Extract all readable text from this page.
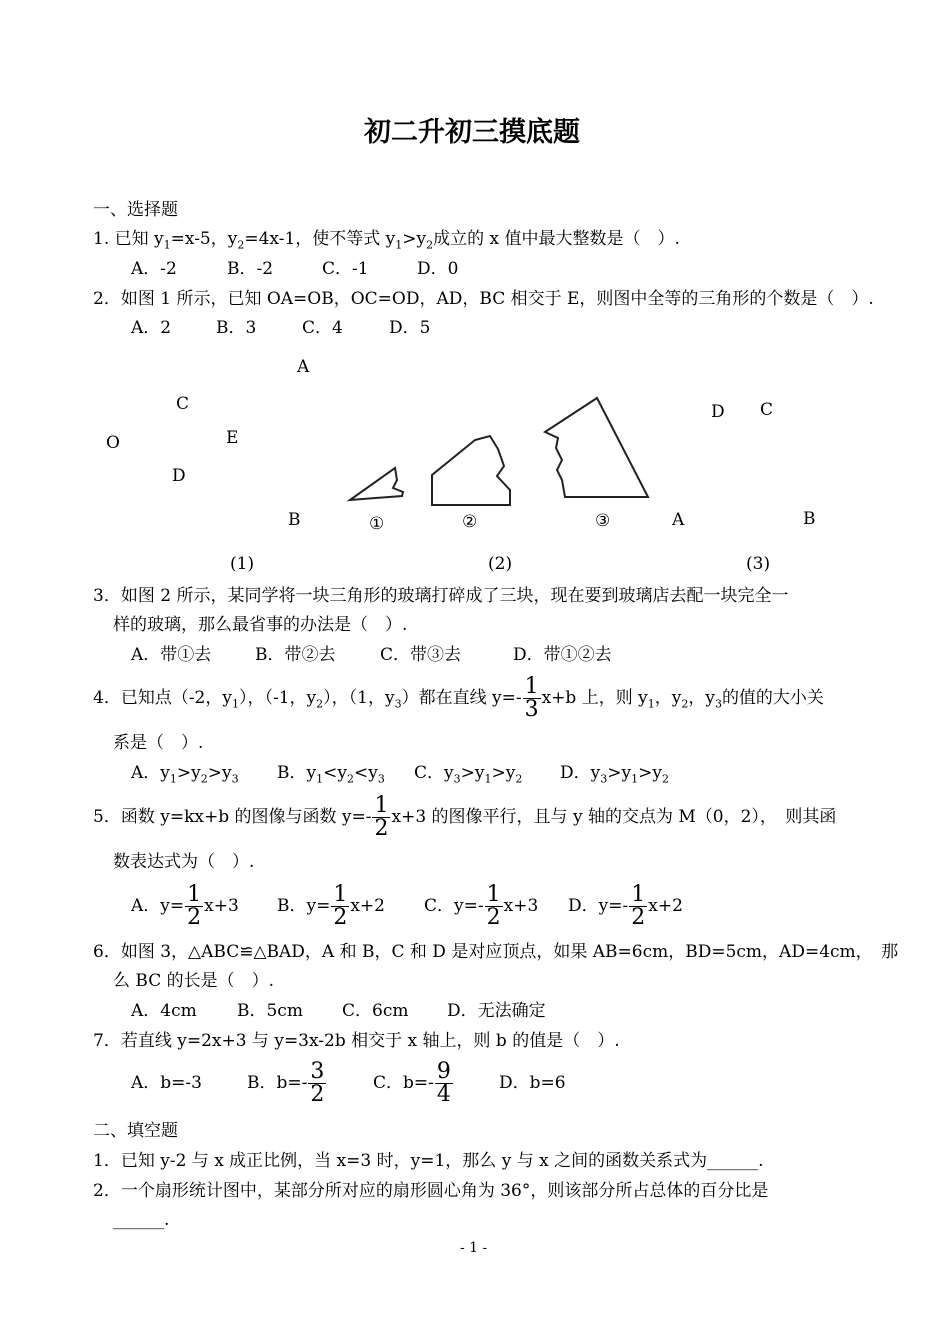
初二升初三摸底题
一、选择题
1. 已知 $y_1=x-5$，$y_2=4x-1$，使不等式 $y_1>y_2$成立的 x 值中最大整数是（　）.
A．-2	B．-2	C．-1	D．0
2．如图 1 所示，已知 OA=OB，OC=OD，AD，BC 相交于 E，则图中全等的三角形的个数是（　）.
A．2	B．3	C．4	D．5
A
C
O	E
D
B
(1)
①	②	③
(2)
D C
A	B
(3)
3．如图 2 所示，某同学将一块三角形的玻璃打碎成了三块，现在要到玻璃店去配一块完全一
样的玻璃，那么最省事的办法是（　）.
A．带①去	B．带②去	C．带③去	D．带①②去
4．已知点（-2，$y_1$），（-1，$y_2$），（1，$y_3$）都在直线 $y=- \frac{1}{3} x+b$ 上，则 $y_1$，$y_2$，$y_3$的值的大小关
系是（　）.
A．$y_1>y_2>y_3$ B．$y_1<y_2<y_3$ C．$y_3>y_1>y_2$ D．$y_3>y_1>y_2$
5．函数 y=kx+b 的图像与函数 $y=- \frac{1}{2} x+3$ 的图像平行，且与 y 轴的交点为 M（0，2），　则其函
数表达式为（　）.
A．$y= \frac{1}{2} x+3$ B．$y= \frac{1}{2} x+2$ C．$y=- \frac{1}{2} x+3$ D．$y=- \frac{1}{2} x+2$
6．如图 3，△ABC≌△BAD，A 和 B，C 和 D 是对应顶点，如果 AB=6cm，BD=5cm，AD=4cm，　那
么 BC 的长是（　）.
A．4cm B．5cm C．6cm D．无法确定
7．若直线 y=2x+3 与 y=3x-2b 相交于 x 轴上，则 b 的值是（　）.
A．b=-3	B．$b=- \frac{3}{2}$	C．$b=- \frac{9}{4}$	D．b=6
二、填空题
1．已知 y-2 与 x 成正比例，当 x=3 时，y=1，那么 y 与 x 之间的函数关系式为______.
2．一个扇形统计图中，某部分所对应的扇形圆心角为 36°，则该部分所占总体的百分比是
______.
- 1 -
